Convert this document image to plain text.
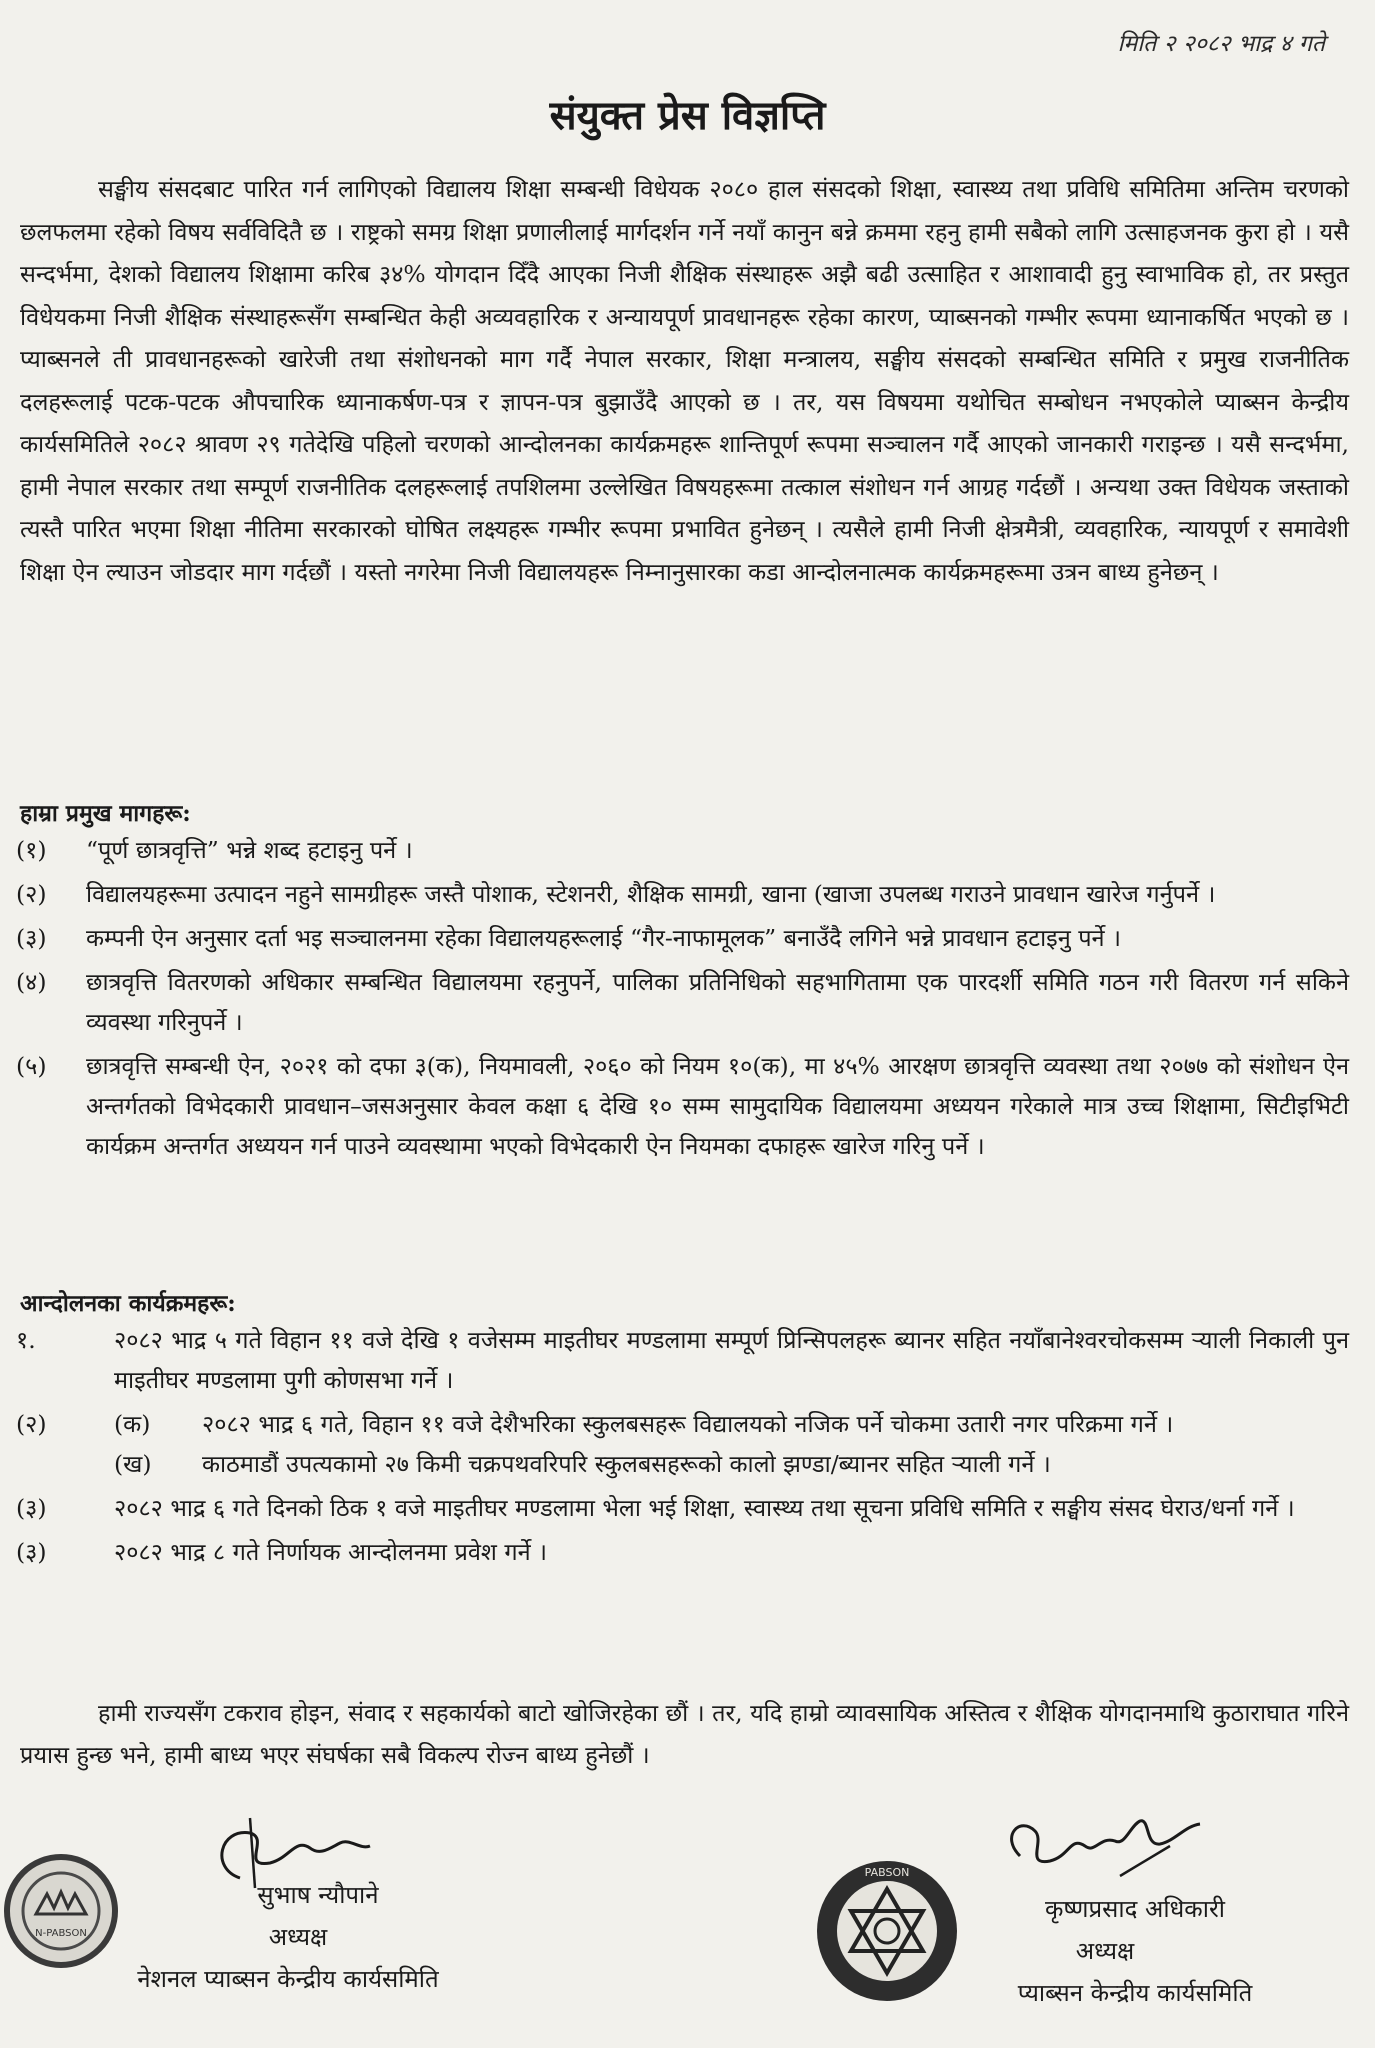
मिति २ २०८२ भाद्र ४ गते
संयुक्त प्रेस विज्ञप्ति

सङ्घीय संसदबाट पारित गर्न लागिएको विद्यालय शिक्षा सम्बन्धी विधेयक २०८० हाल संसदको शिक्षा, स्वास्थ्य तथा प्रविधि समितिमा अन्तिम चरणको छलफलमा रहेको विषय सर्वविदितै छ । राष्ट्रको समग्र शिक्षा प्रणालीलाई मार्गदर्शन गर्ने नयाँ कानुन बन्ने क्रममा रहनु हामी सबैको लागि उत्साहजनक कुरा हो । यसै सन्दर्भमा, देशको विद्यालय शिक्षामा करिब ३४% योगदान दिँदै आएका निजी शैक्षिक संस्थाहरू अझै बढी उत्साहित र आशावादी हुनु स्वाभाविक हो, तर प्रस्तुत विधेयकमा निजी शैक्षिक संस्थाहरूसँग सम्बन्धित केही अव्यवहारिक र अन्यायपूर्ण प्रावधानहरू रहेका कारण, प्याब्सनको गम्भीर रूपमा ध्यानाकर्षित भएको छ । प्याब्सनले ती प्रावधानहरूको खारेजी तथा संशोधनको माग गर्दै नेपाल सरकार, शिक्षा मन्त्रालय, सङ्घीय संसदको सम्बन्धित समिति र प्रमुख राजनीतिक दलहरूलाई पटक-पटक औपचारिक ध्यानाकर्षण-पत्र र ज्ञापन-पत्र बुझाउँदै आएको छ । तर, यस विषयमा यथोचित सम्बोधन नभएकोले प्याब्सन केन्द्रीय कार्यसमितिले २०८२ श्रावण २९ गतेदेखि पहिलो चरणको आन्दोलनका कार्यक्रमहरू शान्तिपूर्ण रूपमा सञ्चालन गर्दै आएको जानकारी गराइन्छ । यसै सन्दर्भमा, हामी नेपाल सरकार तथा सम्पूर्ण राजनीतिक दलहरूलाई तपशिलमा उल्लेखित विषयहरूमा तत्काल संशोधन गर्न आग्रह गर्दछौं । अन्यथा उक्त विधेयक जस्ताको त्यस्तै पारित भएमा शिक्षा नीतिमा सरकारको घोषित लक्ष्यहरू गम्भीर रूपमा प्रभावित हुनेछन् । त्यसैले हामी निजी क्षेत्रमैत्री, व्यवहारिक, न्यायपूर्ण र समावेशी शिक्षा ऐन ल्याउन जोडदार माग गर्दछौं । यस्तो नगरेमा निजी विद्यालयहरू निम्नानुसारका कडा आन्दोलनात्मक कार्यक्रमहरूमा उत्रन बाध्य हुनेछन् ।

हाम्रा प्रमुख मागहरू:
(१) “पूर्ण छात्रवृत्ति” भन्ने शब्द हटाइनु पर्ने ।
(२) विद्यालयहरूमा उत्पादन नहुने सामग्रीहरू जस्तै पोशाक, स्टेशनरी, शैक्षिक सामग्री, खाना (खाजा उपलब्ध गराउने प्रावधान खारेज गर्नुपर्ने ।
(३) कम्पनी ऐन अनुसार दर्ता भइ सञ्चालनमा रहेका विद्यालयहरूलाई “गैर-नाफामूलक” बनाउँदै लगिने भन्ने प्रावधान हटाइनु पर्ने ।
(४) छात्रवृत्ति वितरणको अधिकार सम्बन्धित विद्यालयमा रहनुपर्ने, पालिका प्रतिनिधिको सहभागितामा एक पारदर्शी समिति गठन गरी वितरण गर्न सकिने व्यवस्था गरिनुपर्ने ।
(५) छात्रवृत्ति सम्बन्धी ऐन, २०२१ को दफा ३(क), नियमावली, २०६० को नियम १०(क), मा ४५% आरक्षण छात्रवृत्ति व्यवस्था तथा २०७७ को संशोधन ऐन अन्तर्गतको विभेदकारी प्रावधान–जसअनुसार केवल कक्षा ६ देखि १० सम्म सामुदायिक विद्यालयमा अध्ययन गरेकाले मात्र उच्च शिक्षामा, सिटीइभिटी कार्यक्रम अन्तर्गत अध्ययन गर्न पाउने व्यवस्थामा भएको विभेदकारी ऐन नियमका दफाहरू खारेज गरिनु पर्ने ।
आन्दोलनका कार्यक्रमहरू:
१.	२०८२ भाद्र ५ गते विहान ११ वजे देखि १ वजेसम्म माइतीघर मण्डलामा सम्पूर्ण प्रिन्सिपलहरू ब्यानर सहित नयाँबानेश्वरचोकसम्म र्‍याली निकाली पुन माइतीघर मण्डलामा पुगी कोणसभा गर्ने ।
(२)	(क) २०८२ भाद्र ६ गते, विहान ११ वजे देशैभरिका स्कुलबसहरू विद्यालयको नजिक पर्ने चोकमा उतारी नगर परिक्रमा गर्ने ।
(ख) काठमाडौं उपत्यकामो २७ किमी चक्रपथवरिपरि स्कुलबसहरूको कालो झण्डा/ब्यानर सहित र्‍याली गर्ने ।
(३)	२०८२ भाद्र ६ गते दिनको ठिक १ वजे माइतीघर मण्डलामा भेला भई शिक्षा, स्वास्थ्य तथा सूचना प्रविधि समिति र सङ्घीय संसद घेराउ/धर्ना गर्ने ।
(३)	२०८२ भाद्र ८ गते निर्णायक आन्दोलनमा प्रवेश गर्ने ।

हामी राज्यसँग टकराव होइन, संवाद र सहकार्यको बाटो खोजिरहेका छौं । तर, यदि हाम्रो व्यावसायिक अस्तित्व र शैक्षिक योगदानमाथि कुठाराघात गरिने प्रयास हुन्छ भने, हामी बाध्य भएर संघर्षका सबै विकल्प रोज्न बाध्य हुनेछौं ।

N-PABSON
सुभाष न्यौपाने
अध्यक्ष
नेशनल प्याब्सन केन्द्रीय कार्यसमिति
PABSON
कृष्णप्रसाद अधिकारी
अध्यक्ष
प्याब्सन केन्द्रीय कार्यसमिति
